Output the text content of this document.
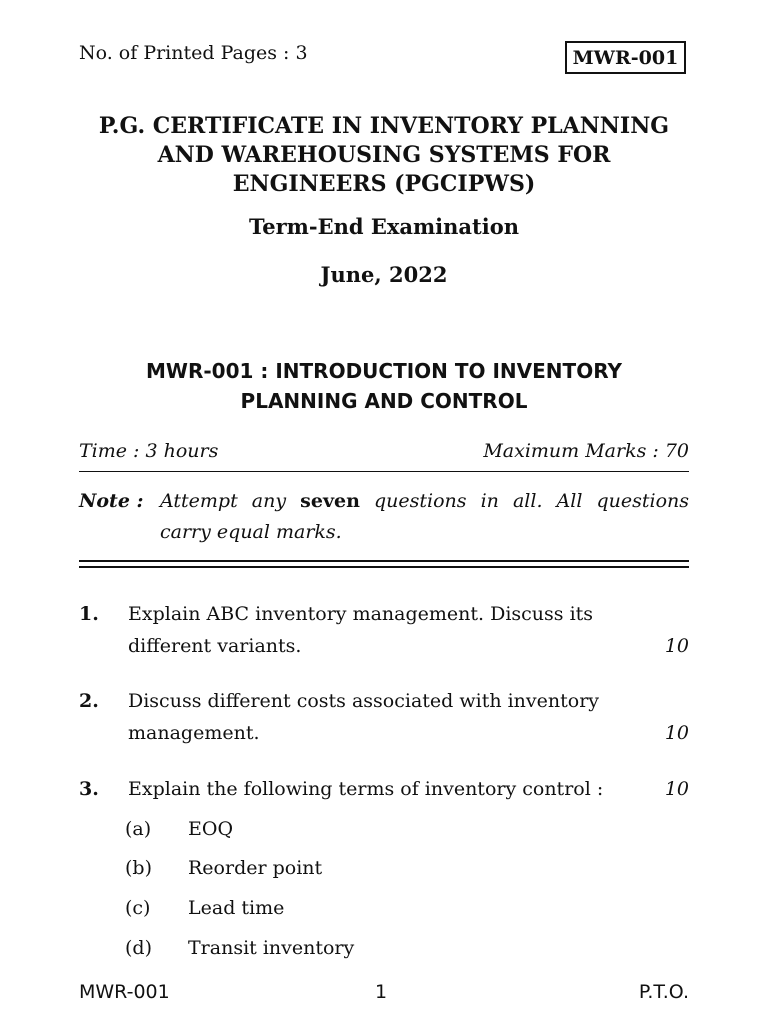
No. of Printed Pages : 3	MWR-001
P.G. CERTIFICATE IN INVENTORY PLANNING
AND WAREHOUSING SYSTEMS FOR
ENGINEERS (PGCIPWS)
Term-End Examination
June, 2022
MWR-001 : INTRODUCTION TO INVENTORY
PLANNING AND CONTROL
Time : 3 hours	Maximum Marks : 70
Note : Attempt any seven questions in all. All questions carry equal marks.
1. Explain ABC inventory management. Discuss its
different variants.	10
2. Discuss different costs associated with inventory
management.	10
3. Explain the following terms of inventory control :	10
(a) EOQ
(b) Reorder point
(c) Lead time
(d) Transit inventory
MWR-001	1	P.T.O.
